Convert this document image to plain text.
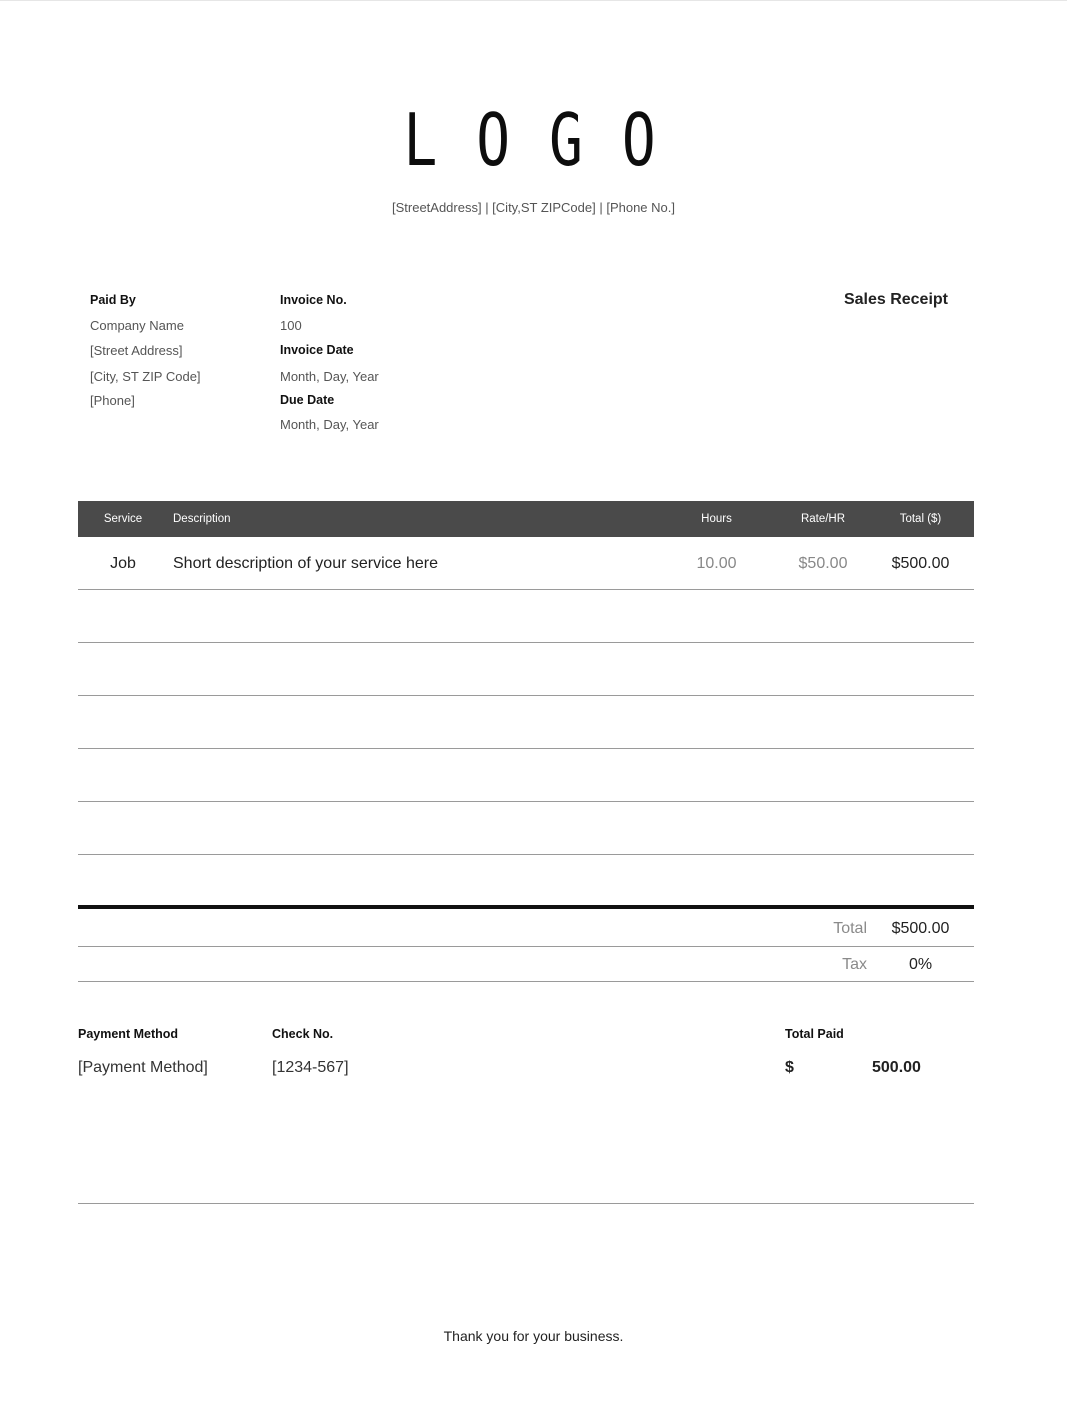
LOGO
[StreetAddress] | [City,ST ZIPCode] | [Phone No.]
Paid By
Company Name
[Street Address]
[City, ST ZIP Code]
[Phone]
Invoice No.
100
Invoice Date
Month, Day, Year
Due Date
Month, Day, Year
Sales Receipt
Service	Description	Hours	Rate/HR	Total ($)
Job	Short description of your service here	10.00	$50.00	$500.00
Total	$500.00
Tax	0%
Payment Method
[Payment Method]
Check No.
[1234-567]
Total Paid
$	500.00
Thank you for your business.
